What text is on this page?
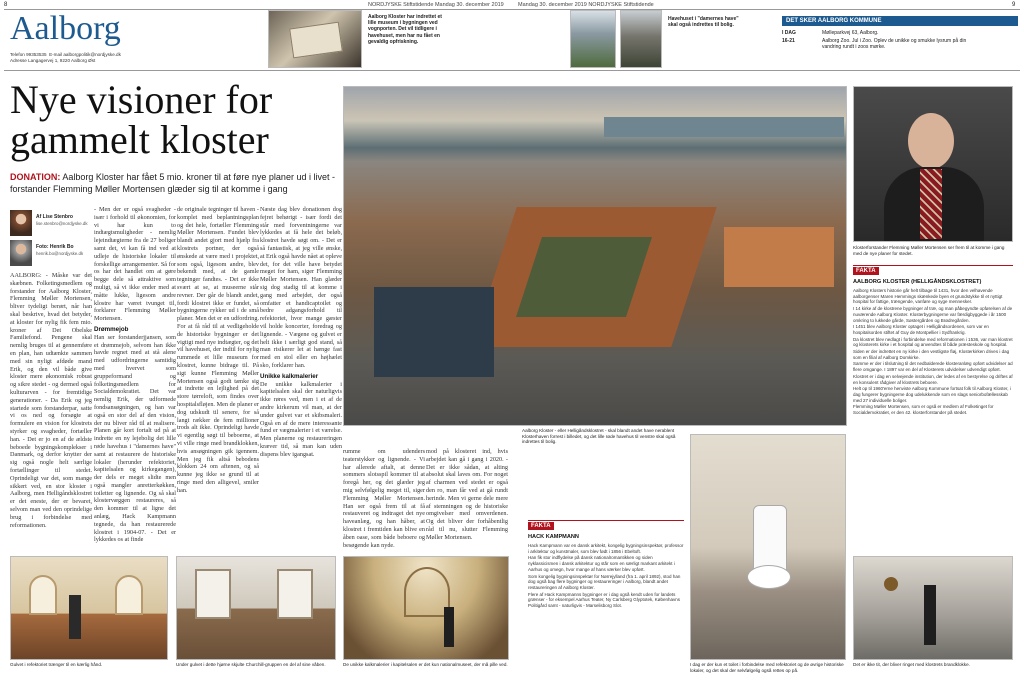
8	NORDJYSKE Stiftstidende Mandag 30. december 2019	Mandag 30. december 2019 NORDJYSKE Stiftstidende	9
Aalborg
Telefon 99353535  E-mail aalborgpolitik@nordjyske.dk
Adresse Langagervej 1, 9220 Aalborg Øst
Aalborg Kloster har indrettet et lille museum i bygningen ved vognporten. Det vil tidligere i havehuset, men har nu fået en gevaldig opfriskning.
Havehuset i "damernes have" skal også indrettes til bolig.
DET SKER AALBORG KOMMUNE
I DAG	Mølleparkvej 63, Aalborg.
16-21	Aalborg Zoo. Jul i Zoo. Oplev de unikke og smukke lysrum på din vandring rundt i zoos mørke.
Nye visioner for gammelt kloster
DONATION: Aalborg Kloster har fået 5 mio. kroner til at føre nye planer ud i livet - forstander Flemming Møller Mortensen glæder sig til at komme i gang
Af Lise Stenbro
lise.stenbro@nordjyske.dk
Foto: Henrik Bo
henrik.bo@nordjyske.dk
AALBORG: - Måske var det skæbnen. Folketingsmedlem og forstander for Aalborg Kloster, Flemming Møller Mortensen, bliver tydeligt berørt, når han skal beskrive, hvad det betyder, at kloster for nylig fik fem mio. kroner af Det Obelske Familiefond. Pengene skal nemlig bruges til at gennemføre en plan, han udtænkte sammen med sin nyligt afdøde mand Erik, og den vil både give kloster mere økonomisk robust og sikre stedet - og dermed også kulturarven - for fremtidige generationer. - Da Erik og jeg startede som forstanderpar, satte vi os ned og forsøgte at formulere en vision for klostrets styrker og svagheder, fortæller han. - Det er jo en af de ældste beboede bygningskomplekser i Danmark, og derfor knytter der sig også nogle helt særlige fortællinger til stedet. Oprindeligt var det, som mange sikkert ved, en stor kloster i Aalborg, men Helligåndsklostret er det eneste, der er bevaret, selvom man ved den oprindelige brug i forbindelse med reformationen.
- Men der er også svagheder - især i forhold til økonomien, for vi har kun to indtægtsmuligheder - nemlig lejeindtægterne fra de 27 boliger samt det, vi kan få ind ved at udleje de historiske lokaler til forskellige arrangementer. Så for os har det handlet om at gøre begge dele så attraktive som muligt, så vi ikke ender med at måtte lukke, ligesom andre klostre har været tvunget til, forklarer Flemming Møller Mortensen.
Drømmejob
Han ser forstanderjjansen, som et drømmejob, selvom han ikke havde regnet med at stå alene med udfordringerne samtidig med hvervet som gruppeformand og folketingsmedlem for Socialdemokratiet. Det var nemlig Erik, der udformede fondsansøgningen, og han var også en stor del af den vision, der nu bliver råd til at realisere. Planen går kort fortalt ud på at indrette en ny lejebolig det lille røde havehus i "damernes have" samt at restaurere de historiske lokaler (herunder refektoriet, kapitelsalen og kirkegangen), der dels er meget slidte men også mangler anretterkøkken, toiletter og lignende. Og så skal klostervæggen restaureres, så den kommer til at ligne det anlæg, Hack Kampmann tegnede, da han restaurerede klostret i 1904-07. - Det er lykkedes os at finde
de originale tegninger til haven - komplet med beplantningsplan og det hele, fortæller Flemming Møller Mortensen. Fundet blev blandt andet gjort med hjælp fra klostrets portner, der også ønskede at være med i projektet, som også, ligesom andre, blev bekendt med, at de gamle tegninger fandtes. - Det er ikke svært at se, at museerne står revner. Der går de blandt andet, fordi klostret ikke er fundet, så bygningerne rykker ud i de små planer. Men det er en udfordring. For at få råd til at vedligeholde de historiske bygninger er det vigtigt med nye indtægter, og det vil havehuset, der indtil for nylig rummede et lille museum for klostret, kunne bidrage til. På sigt kunne Flemming Møller Mortensen også godt tænke sig at indrette en lejlighed på det store tørreloft, som findes over hospitalsfløjen. Men de planer er dog udskudt til senere, for så langt rækker de fem millioner trods alt ikke. Oprindeligt havde vi egentlig søgt til beboerne, at vi ville ringe med brandklokken, hvis ansøgningen gik igennem. Men jeg fik altså bebodens klokken 24 om aftenen, og så kunne jeg ikke se grund til at ringe med den alligevel, smiler han.
Næste dag blev donationen dog fejret behørigt - især fordi det står med forventningerne var lykkedes at få hele det beløb, klostret havde søgt om. - Det er så fantastisk, at jeg ville ønske, at Erik også havde nået at opleve det, for det ville have betydet meget for ham, siger Flemming Møller Mortensen. Han glæder sig dog stadig til at komme i gang med arbejdet, der også omfatter et handicaptoilet og bedre adgangsforhold til refektoriet, hvor mange gæster vil holde koncerter, foredrag og lignende. - Vægene og gulvet er helt ikke i særligt god stand, så man risikerer let at hænge fast med en stol eller en højhælet sko, forklarer han.
Unikke kalkmalerier
De unikke kalkmalerier i kapitelsalen skal der naturligvis ikke røres ved, men i et af de andre kirkerum vil man, at der under gulvet var et skibsmaleri. Også en af de mere interessante fund er vægmalerier i et værelse. Men planerne og restaureringen kræver tid, så man kan uden dispens blev igangsat.	rumme om udenders teaterstykker og lignende. - Vi har allerede aftalt, at denne sommers slotsspil kommer til at foregå her, og det glæder jeg mig selvfølgelig meget til, siger Flemming Møller Mortensen. Han ser også frem til at få restauveret og indtraget det nye haveanlæg, og han håber, at klostret i fremtiden kan blive en åben oase, som både beboere og besøgende kan nyde.
mod på klosteret ind, hvis arbejdet kan gå i gang i 2020. - Det er ikke sådan, at alting absolut skal laves om. For noget af charmen ved stedet er også den ro, man får ved at gå rundt herinde. Men vi gerne dele mere af stemningen og de historiske omgivelser med omverdenen. Og det bliver der forhåbentlig råd til nu, slutter Flemming Møller Mortensen.
Aalborg Kloster - eller Helligåndsklostret - skal blandt andet have nerablent Klosterhaven forrest i billedet, og det lille røde havehus til venstre skal også indrettes til bolig.
Klosterforstander Flemming Møller Mortensen ser frem til at komme i gang med de nye planer for stedet.
FAKTA
AALBORG KLOSTER (HELLIGÅNDSKLOSTRET)

Aalborg Klosters historie går helt tilbage til 1431, hvor den velhavende aalborgenser Maren Hemmings skænkede byen et grundstykke til et nyttigt hospital for fattige, trængende, vanføre og syge mennesker.

I 14 kirke af de klostrene bygninger af træ, og man påbegyndte opførelsen af de nuværende Aalborg Kloster. Klosterbygningerne var færdigbyggede i år 1500 omkring to lukkede gårde, Søstergården og Brødregården.

I 1451 blev Aalborg Kloster optaget i Helligåndsordenen, som var en hospitalsorden stiftet af Guy de Montpellier i Sydfrankrig.

Da klostret blev nedlagt i forbindelse med reformationen i 1536, var man klostret og klosterets kirke i et hospital og anvendtes til både præsteskole og hospital.

Siden er der indrettet en ny kirke i den vestligste fløj, Klosterkirken drives i dag som en filial af Aalborg Domkirke.

Samme er der i tilslutning til det nedbalderede klosteranlæg opført udvidelser ad flere omgange. I 1897 var en del af Klosterets udvidelser udvendigt opført.

Klostret er i dag en selvejende institution, der ledes af en bestyrelse og driftes af en konsulent rådgiver af klostrets beboere.

Helt op til 1960'erne henviste Aalborg Kommune fortsat folk til Aalborg Kloster, i dag fungerer bygningerne dog udelukkende som en slags seniorbofællesskab med 27 individuelle boliger.

Flemming Møller Mortensen, som er også er medlem af Folketinget for Socialdemokratiet, er den 42. klosterforstander på stedet.

FAKTA
HACK KAMPMANN

Hack Kampmann var en dansk arkitekt, kongelig bygningsinspektør, professor i arkitektur og kunstmaler, som blev født i 1856 i Ebeltoft.

Han fik stor indflydelse på dansk nationalromantikken og siden nyklassicismen i dansk arkitektur og står som en særligt markant arkitekt i Aarhus og omegn, hvor mange af hans værker blev opført.

Som kongelig bygningsinspektør for Nørrejylland (fra 1. april 1892), stod han dog også bag flere bygninger og restaureringer i Aalborg, blandt andet restaureringen af Aalborg Kloster.

Flere af Hack Kampmanns bygninger er i dag også kendt uden for landets grænser - for eksempel Aarhus Teater, Ny Carlsberg Glyptotek, Københavns Politigård samt - naturligvis - Marselisborg Slot.

Gulvet i refektoriet trænger til en kærlig hånd.	Under gulvet i dette hjørne skjulte Churchill-gruppen en del af sine våben.	De unikke kalkmalerier i kapitelsalen er det kun nationalmuseet, der må pille ved.	I dag er der kun et toilet i forbindelse med refektoriet og de øvrige historiske lokaler, og det skal der selvfølgelig også rettes op på.
Det er ikke tit, der bliver ringet med klostrets brandklokke.
